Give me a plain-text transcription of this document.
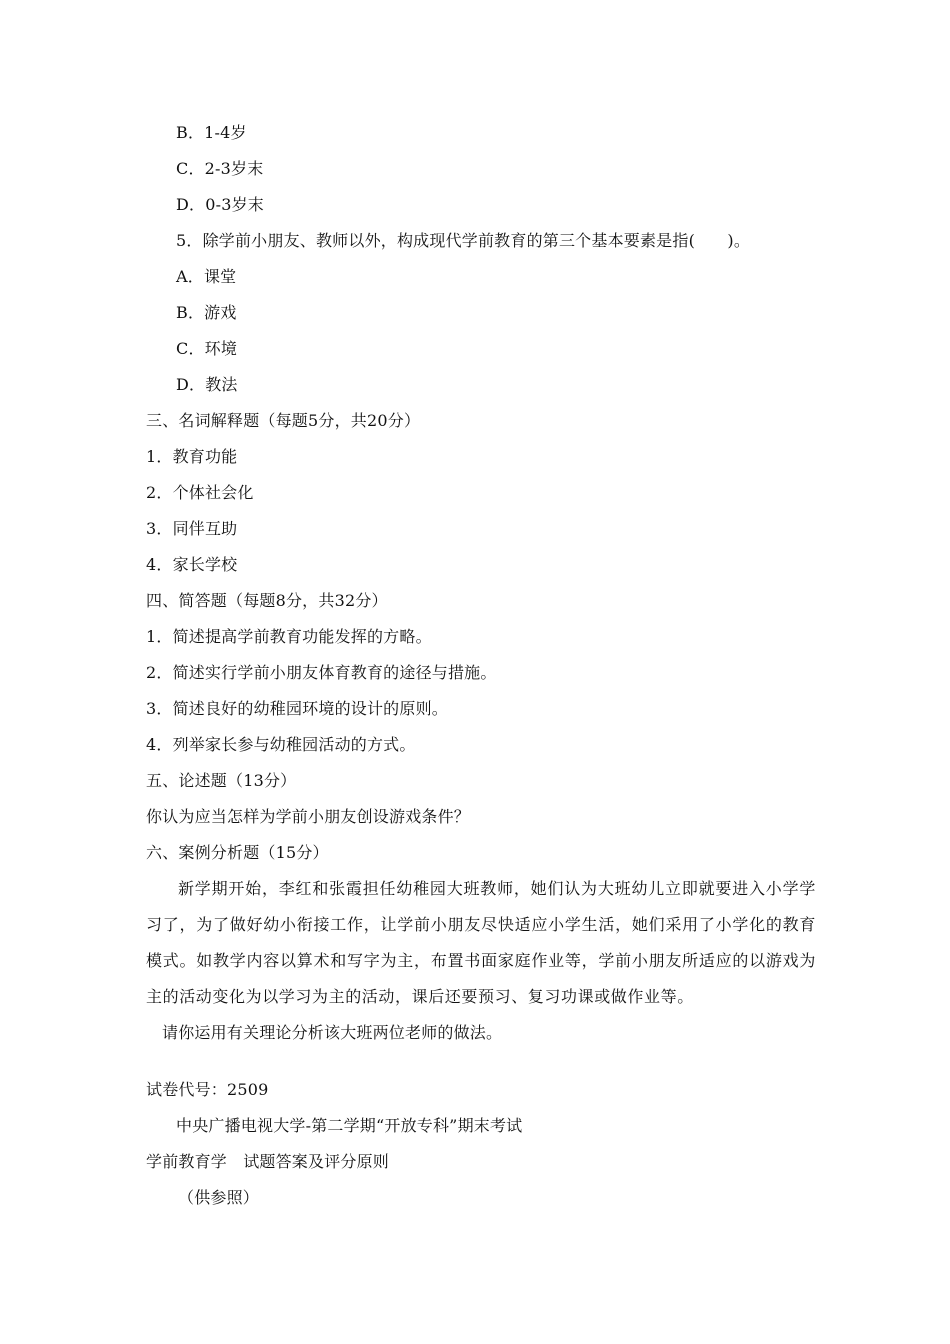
B．1-4岁
C．2-3岁末
D．0-3岁末
5．除学前小朋友、教师以外，构成现代学前教育的第三个基本要素是指(　　)。
A．课堂
B．游戏
C．环境
D．教法
三、名词解释题（每题5分，共20分）
1．教育功能
2．个体社会化
3．同伴互助
4．家长学校
四、简答题（每题8分，共32分）
1．简述提高学前教育功能发挥的方略。
2．简述实行学前小朋友体育教育的途径与措施。
3．简述良好的幼稚园环境的设计的原则。
4．列举家长参与幼稚园活动的方式。
五、论述题（13分）
你认为应当怎样为学前小朋友创设游戏条件？
六、案例分析题（15分）
新学期开始，李红和张霞担任幼稚园大班教师，她们认为大班幼儿立即就要进入小学学习了，为了做好幼小衔接工作，让学前小朋友尽快适应小学生活，她们采用了小学化的教育模式。如教学内容以算术和写字为主，布置书面家庭作业等，学前小朋友所适应的以游戏为主的活动变化为以学习为主的活动，课后还要预习、复习功课或做作业等。
请你运用有关理论分析该大班两位老师的做法。
试卷代号：2509
中央广播电视大学-第二学期“开放专科”期末考试
学前教育学　试题答案及评分原则
（供参照）
